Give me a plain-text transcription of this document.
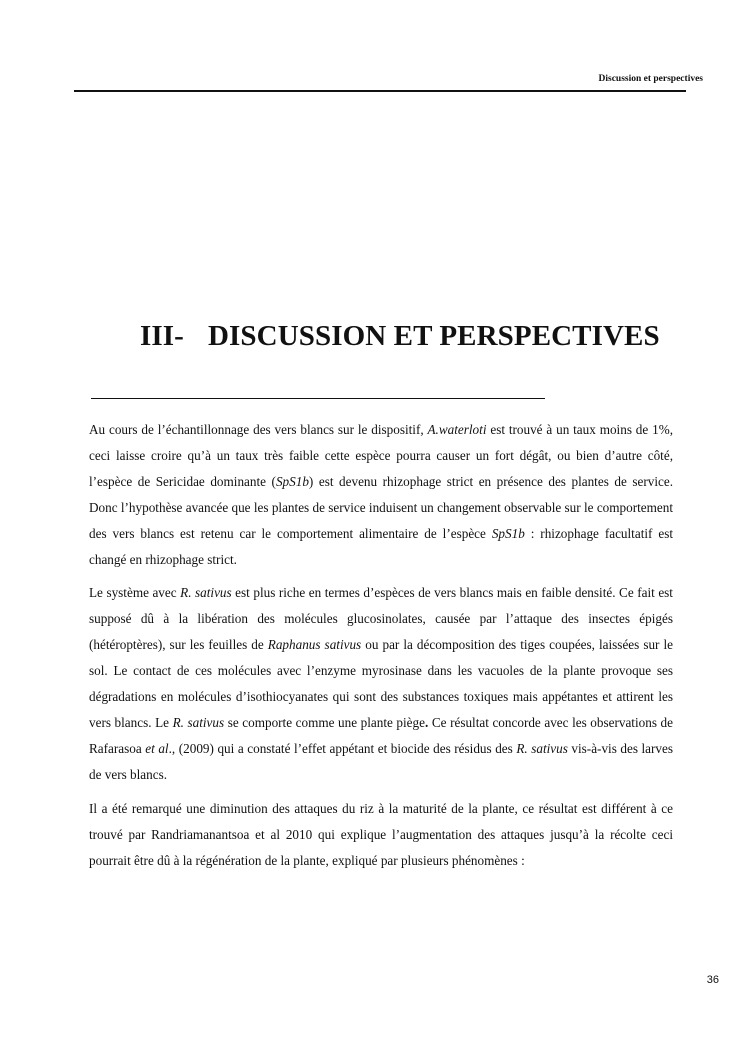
Discussion et perspectives
III- DISCUSSION ET PERSPECTIVES

Au cours de l’échantillonnage des vers blancs sur le dispositif, A.waterloti est trouvé à un taux moins de 1%, ceci laisse croire qu’à un taux très faible cette espèce pourra causer un fort dégât, ou bien d’autre côté, l’espèce de Sericidae dominante (SpS1b) est devenu rhizophage strict en présence des plantes de service. Donc l’hypothèse avancée que les plantes de service induisent un changement observable sur le comportement des vers blancs est retenu car le comportement alimentaire de l’espèce SpS1b : rhizophage facultatif est changé en rhizophage strict.

Le système avec R. sativus est plus riche en termes d’espèces de vers blancs mais en faible densité. Ce fait est supposé dû à la libération des molécules glucosinolates, causée par l’attaque des insectes épigés (hétéroptères), sur les feuilles de Raphanus sativus ou par la décomposition des tiges coupées, laissées sur le sol. Le contact de ces molécules avec l’enzyme myrosinase dans les vacuoles de la plante provoque ses dégradations en molécules d’isothiocyanates qui sont des substances toxiques mais appétantes et attirent les vers blancs. Le R. sativus se comporte comme une plante piège. Ce résultat concorde avec les observations de Rafarasoa et al., (2009) qui a constaté l’effet appétant et biocide des résidus des R. sativus vis-à-vis des larves de vers blancs.

Il a été remarqué une diminution des attaques du riz à la maturité de la plante, ce résultat est différent à ce trouvé par Randriamanantsoa et al 2010 qui explique l’augmentation des attaques jusqu’à la récolte ceci pourrait être dû à la régénération de la plante, expliqué par plusieurs phénomènes :

36
